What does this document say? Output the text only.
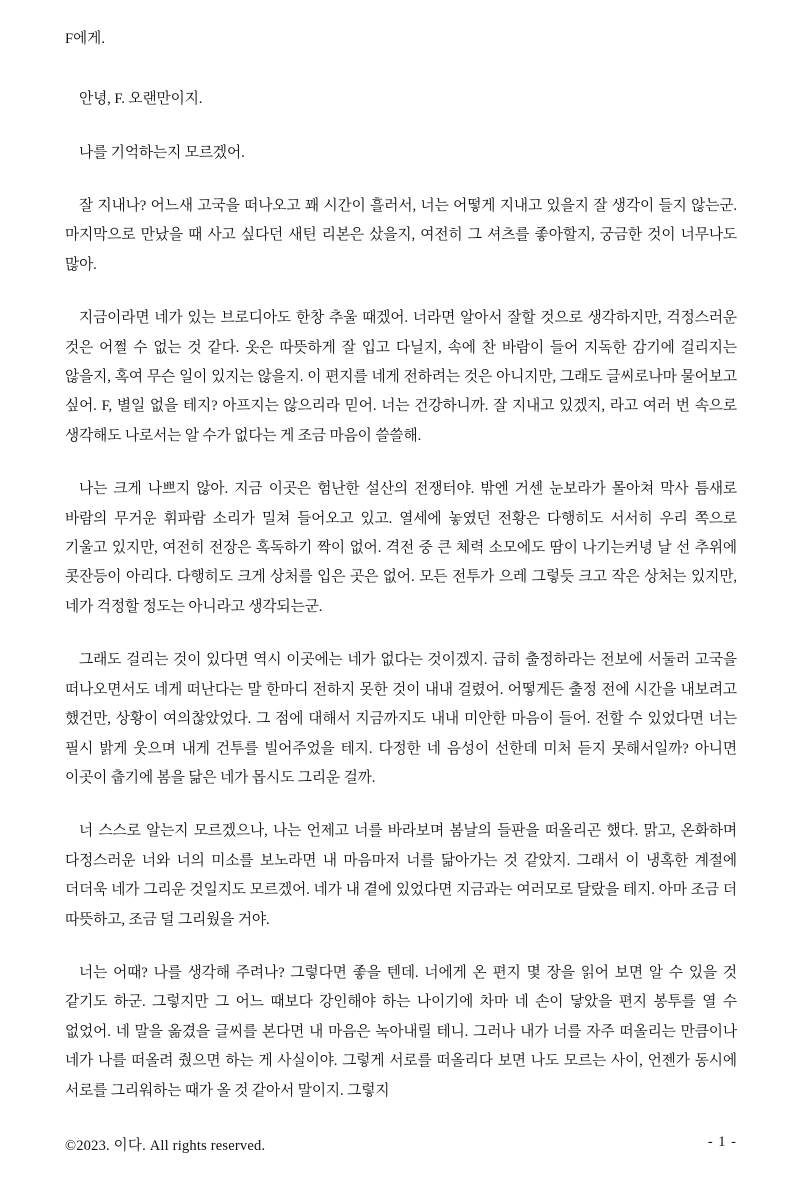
F에게.

안녕, F. 오랜만이지.

나를 기억하는지 모르겠어.

잘 지내나? 어느새 고국을 떠나오고 꽤 시간이 흘러서, 너는 어떻게 지내고 있을지 잘 생각이 들지 않는군. 마지막으로 만났을 때 사고 싶다던 새틴 리본은 샀을지, 여전히 그 셔츠를 좋아할지, 궁금한 것이 너무나도 많아.

지금이라면 네가 있는 브로디아도 한창 추울 때겠어. 너라면 알아서 잘할 것으로 생각하지만, 걱정스러운 것은 어쩔 수 없는 것 같다. 옷은 따뜻하게 잘 입고 다닐지, 속에 찬 바람이 들어 지독한 감기에 걸리지는 않을지, 혹여 무슨 일이 있지는 않을지. 이 편지를 네게 전하려는 것은 아니지만, 그래도 글씨로나마 물어보고 싶어. F, 별일 없을 테지? 아프지는 않으리라 믿어. 너는 건강하니까. 잘 지내고 있겠지, 라고 여러 번 속으로 생각해도 나로서는 알 수가 없다는 게 조금 마음이 쓸쓸해.

나는 크게 나쁘지 않아. 지금 이곳은 험난한 설산의 전쟁터야. 밖엔 거센 눈보라가 몰아쳐 막사 틈새로 바람의 무거운 휘파람 소리가 밀쳐 들어오고 있고. 열세에 놓였던 전황은 다행히도 서서히 우리 쪽으로 기울고 있지만, 여전히 전장은 혹독하기 짝이 없어. 격전 중 큰 체력 소모에도 땀이 나기는커녕 날 선 추위에 콧잔등이 아리다. 다행히도 크게 상처를 입은 곳은 없어. 모든 전투가 으레 그렇듯 크고 작은 상처는 있지만, 네가 걱정할 정도는 아니라고 생각되는군.

그래도 걸리는 것이 있다면 역시 이곳에는 네가 없다는 것이겠지. 급히 출정하라는 전보에 서둘러 고국을 떠나오면서도 네게 떠난다는 말 한마디 전하지 못한 것이 내내 걸렸어. 어떻게든 출정 전에 시간을 내보려고 했건만, 상황이 여의찮았었다. 그 점에 대해서 지금까지도 내내 미안한 마음이 들어. 전할 수 있었다면 너는 필시 밝게 웃으며 내게 건투를 빌어주었을 테지. 다정한 네 음성이 선한데 미처 듣지 못해서일까? 아니면 이곳이 춥기에 봄을 닮은 네가 몹시도 그리운 걸까.

너 스스로 알는지 모르겠으나, 나는 언제고 너를 바라보며 봄날의 들판을 떠올리곤 했다. 맑고, 온화하며 다정스러운 너와 너의 미소를 보노라면 내 마음마저 너를 닮아가는 것 같았지. 그래서 이 냉혹한 계절에 더더욱 네가 그리운 것일지도 모르겠어. 네가 내 곁에 있었다면 지금과는 여러모로 달랐을 테지. 아마 조금 더 따뜻하고, 조금 덜 그리웠을 거야.

너는 어때? 나를 생각해 주려나? 그렇다면 좋을 텐데. 너에게 온 편지 몇 장을 읽어 보면 알 수 있을 것 같기도 하군. 그렇지만 그 어느 때보다 강인해야 하는 나이기에 차마 네 손이 닿았을 편지 봉투를 열 수 없었어. 네 말을 옮겼을 글씨를 본다면 내 마음은 녹아내릴 테니. 그러나 내가 너를 자주 떠올리는 만큼이나 네가 나를 떠올려 줬으면 하는 게 사실이야. 그렇게 서로를 떠올리다 보면 나도 모르는 사이, 언젠가 동시에 서로를 그리워하는 때가 올 것 같아서 말이지. 그렇지

©2023. 이다. All rights reserved.	- 1 -
